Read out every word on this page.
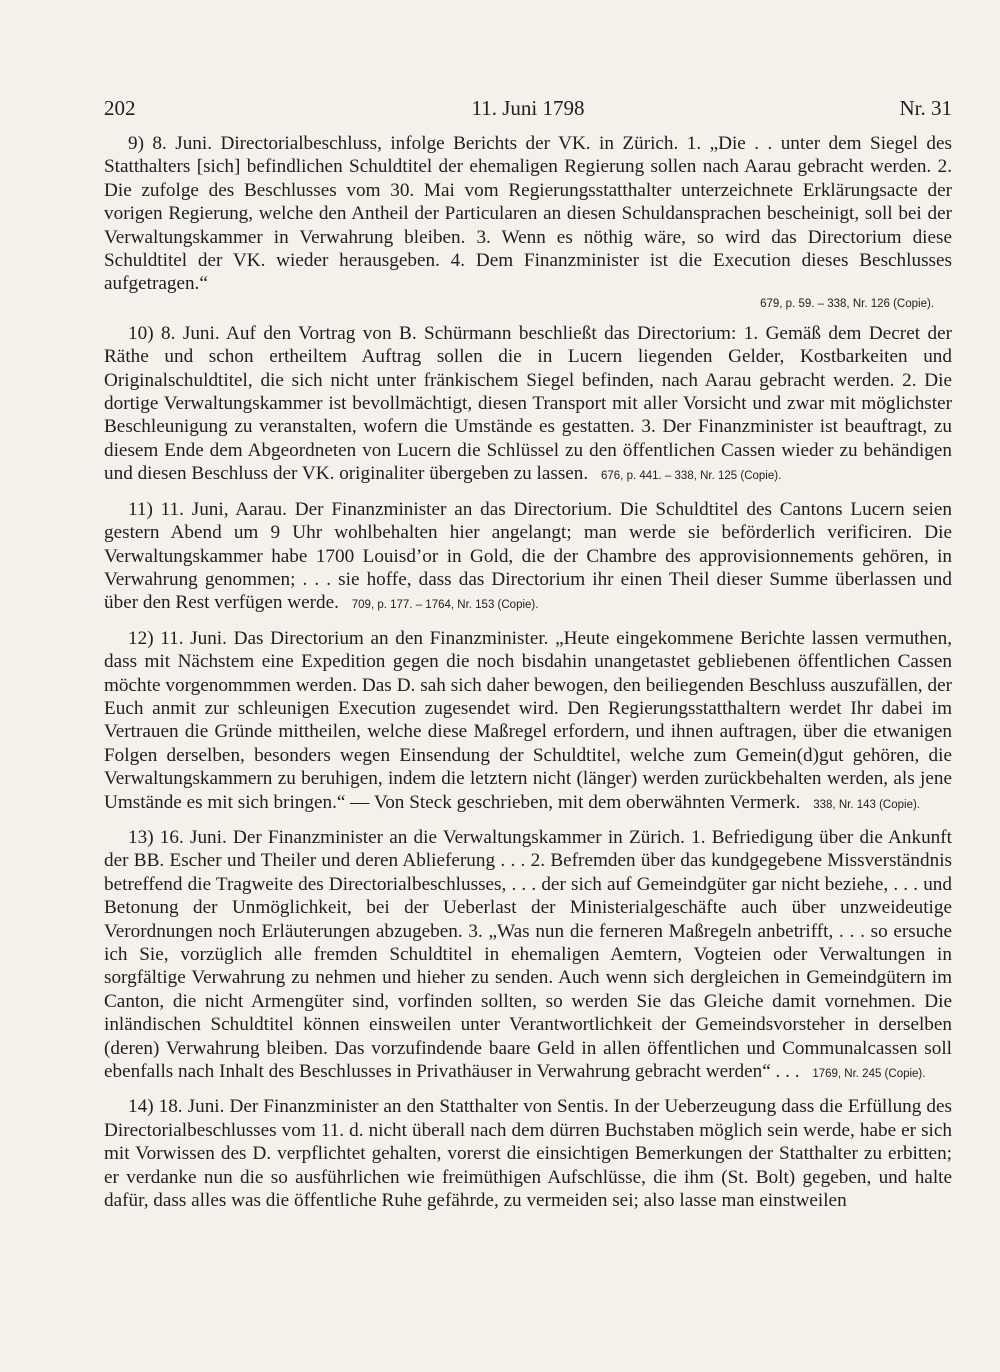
202	11. Juni 1798	Nr. 31

9) 8. Juni. Directorialbeschluss, infolge Berichts der VK. in Zürich. 1. „Die . . unter dem Siegel des Statthalters [sich] befindlichen Schuldtitel der ehemaligen Regierung sollen nach Aarau gebracht werden. 2. Die zufolge des Beschlusses vom 30. Mai vom Regierungsstatthalter unterzeichnete Erklärungsacte der vorigen Regierung, welche den Antheil der Particularen an diesen Schuldansprachen bescheinigt, soll bei der Verwaltungskammer in Verwahrung bleiben. 3. Wenn es nöthig wäre, so wird das Directorium diese Schuldtitel der VK. wieder herausgeben. 4. Dem Finanzminister ist die Execution dieses Beschlusses aufgetragen.“
679, p. 59. – 338, Nr. 126 (Copie).

10) 8. Juni. Auf den Vortrag von B. Schürmann beschließt das Directorium: 1. Gemäß dem Decret der Räthe und schon ertheiltem Auftrag sollen die in Lucern liegenden Gelder, Kostbarkeiten und Originalschuldtitel, die sich nicht unter fränkischem Siegel befinden, nach Aarau gebracht werden. 2. Die dortige Verwaltungskammer ist bevollmächtigt, diesen Transport mit aller Vorsicht und zwar mit möglichster Beschleunigung zu veranstalten, wofern die Umstände es gestatten. 3. Der Finanzminister ist beauftragt, zu diesem Ende dem Abgeordneten von Lucern die Schlüssel zu den öffentlichen Cassen wieder zu behändigen und diesen Beschluss der VK. originaliter übergeben zu lassen. 676, p. 441. – 338, Nr. 125 (Copie).

11) 11. Juni, Aarau. Der Finanzminister an das Directorium. Die Schuldtitel des Cantons Lucern seien gestern Abend um 9 Uhr wohlbehalten hier angelangt; man werde sie beförderlich verificiren. Die Verwaltungskammer habe 1700 Louisd’or in Gold, die der Chambre des approvisionnements gehören, in Verwahrung genommen; . . . sie hoffe, dass das Directorium ihr einen Theil dieser Summe überlassen und über den Rest verfügen werde. 709, p. 177. – 1764, Nr. 153 (Copie).

12) 11. Juni. Das Directorium an den Finanzminister. „Heute eingekommene Berichte lassen vermuthen, dass mit Nächstem eine Expedition gegen die noch bisdahin unangetastet gebliebenen öffentlichen Cassen möchte vorgenommmen werden. Das D. sah sich daher bewogen, den beiliegenden Beschluss auszufällen, der Euch anmit zur schleunigen Execution zugesendet wird. Den Regierungsstatthaltern werdet Ihr dabei im Vertrauen die Gründe mittheilen, welche diese Maßregel erfordern, und ihnen auftragen, über die etwanigen Folgen derselben, besonders wegen Einsendung der Schuldtitel, welche zum Gemein(d)gut gehören, die Verwaltungskammern zu beruhigen, indem die letztern nicht (länger) werden zurückbehalten werden, als jene Umstände es mit sich bringen.“ — Von Steck geschrieben, mit dem oberwähnten Vermerk. 338, Nr. 143 (Copie).

13) 16. Juni. Der Finanzminister an die Verwaltungskammer in Zürich. 1. Befriedigung über die Ankunft der BB. Escher und Theiler und deren Ablieferung . . . 2. Befremden über das kundgegebene Missverständnis betreffend die Tragweite des Directorialbeschlusses, . . . der sich auf Gemeindgüter gar nicht beziehe, . . . und Betonung der Unmöglichkeit, bei der Ueberlast der Ministerialgeschäfte auch über unzweideutige Verordnungen noch Erläuterungen abzugeben. 3. „Was nun die ferneren Maßregeln anbetrifft, . . . so ersuche ich Sie, vorzüglich alle fremden Schuldtitel in ehemaligen Aemtern, Vogteien oder Verwaltungen in sorgfältige Verwahrung zu nehmen und hieher zu senden. Auch wenn sich dergleichen in Gemeindgütern im Canton, die nicht Armengüter sind, vorfinden sollten, so werden Sie das Gleiche damit vornehmen. Die inländischen Schuldtitel können einsweilen unter Verantwortlichkeit der Gemeindsvorsteher in derselben (deren) Verwahrung bleiben. Das vorzufindende baare Geld in allen öffentlichen und Communalcassen soll ebenfalls nach Inhalt des Beschlusses in Privathäuser in Verwahrung gebracht werden“ . . . 1769, Nr. 245 (Copie).

14) 18. Juni. Der Finanzminister an den Statthalter von Sentis. In der Ueberzeugung dass die Erfüllung des Directorialbeschlusses vom 11. d. nicht überall nach dem dürren Buchstaben möglich sein werde, habe er sich mit Vorwissen des D. verpflichtet gehalten, vorerst die einsichtigen Bemerkungen der Statthalter zu erbitten; er verdanke nun die so ausführlichen wie freimüthigen Aufschlüsse, die ihm (St. Bolt) gegeben, und halte dafür, dass alles was die öffentliche Ruhe gefährde, zu vermeiden sei; also lasse man einstweilen
